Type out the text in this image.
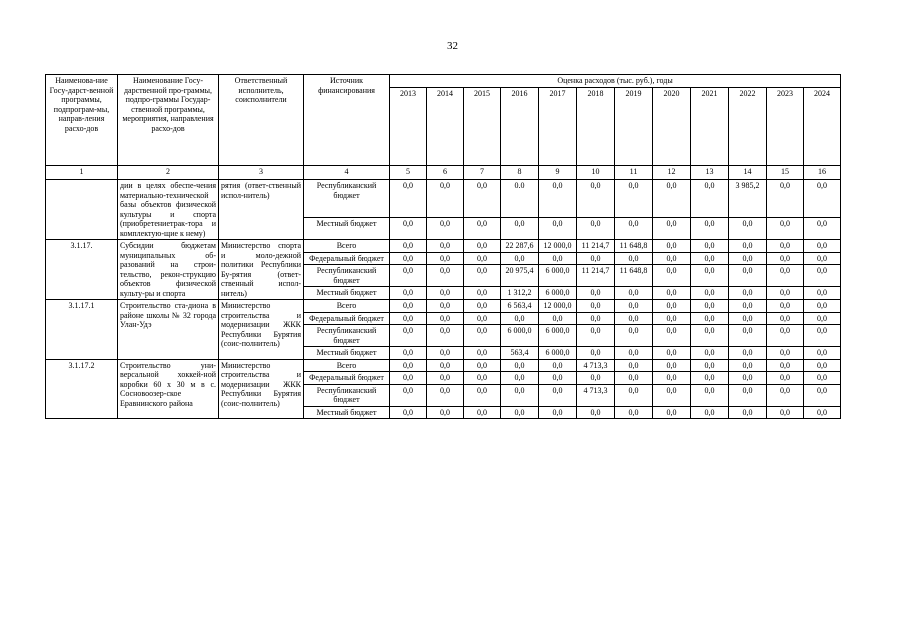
32
Наименова-ние Госу-дарст-венной программы, подпрограм-мы, направ-ления расхо-дов	Наименование Госу-дарственной про-граммы, подпро-граммы Государ-ственной программы, мероприятия, направления расхо-дов	Ответственный исполнитель, соисполнители	Источник финансирования	Оценка расходов (тыс. руб.), годы											
				2013	2014	2015	2016	2017	2018	2019	2020	2021	2022	2023	2024
1	2	3	4	5	6	7	8	9	10	11	12	13	14	15	16
	дии в целях обеспе-чения материально-технической базы объектов физической культуры и спорта (приобретениетрак-тора и комплектую-щие к нему)	рятия (ответ-ственный испол-нитель)	Республиканский бюджет	0,0	0,0	0,0	0.0	0,0	0,0	0,0	0,0	0,0	3 985,2	0,0	0,0
			Местный бюджет	0,0	0,0	0,0	0,0	0,0	0,0	0,0	0,0	0,0	0,0	0,0	0,0
3.1.17.	Субсидии бюджетам муниципальных об-разований на строи-тельство, рекон-струкцию объектов физической культу-ры и спорта	Министерство спорта и моло-дежной политики Республики Бу-рятия (ответ-ственный испол-нитель)	Всего	0,0	0,0	0,0	22 287,6	12 000,0	11 214,7	11 648,8	0,0	0,0	0,0	0,0	0,0
			Федеральный бюджет	0,0	0,0	0,0	0,0	0,0	0,0	0,0	0,0	0,0	0,0	0,0	0,0
			Республиканский бюджет	0,0	0,0	0,0	20 975,4	6 000,0	11 214,7	11 648,8	0,0	0,0	0,0	0,0	0,0
			Местный бюджет	0,0	0,0	0,0	1 312,2	6 000,0	0,0	0,0	0,0	0,0	0,0	0,0	0,0
3.1.17.1	Строительство ста-диона в районе школы № 32 города Улан-Удэ	Министерство строительства и модернизации ЖКК Республики Бурятия (соис-полнитель)	Всего	0,0	0,0	0,0	6 563,4	12 000,0	0,0	0,0	0,0	0,0	0,0	0,0	0,0
			Федеральный бюджет	0,0	0,0	0,0	0,0	0,0	0,0	0,0	0,0	0,0	0,0	0,0	0,0
			Республиканский бюджет	0,0	0,0	0,0	6 000,0	6 000,0	0,0	0,0	0,0	0,0	0,0	0,0	0,0
			Местный бюджет	0,0	0,0	0,0	563,4	6 000,0	0,0	0,0	0,0	0,0	0,0	0,0	0,0
3.1.17.2	Строительство уни-версальной хоккей-ной коробки 60 х 30 м в с. Сосновоозер-ское Еравнинского района	Министерство строительства и модернизации ЖКК Республики Бурятия (соис-полнитель)	Всего	0,0	0,0	0,0	0,0	0,0	4 713,3	0,0	0,0	0,0	0,0	0,0	0,0
			Федеральный бюджет	0,0	0,0	0,0	0,0	0,0	0,0	0,0	0,0	0,0	0,0	0,0	0,0
			Республиканский бюджет	0,0	0,0	0,0	0,0	0,0	4 713,3	0,0	0,0	0,0	0,0	0,0	0,0
			Местный бюджет	0,0	0,0	0,0	0,0	0,0	0,0	0,0	0,0	0,0	0,0	0,0	0,0
